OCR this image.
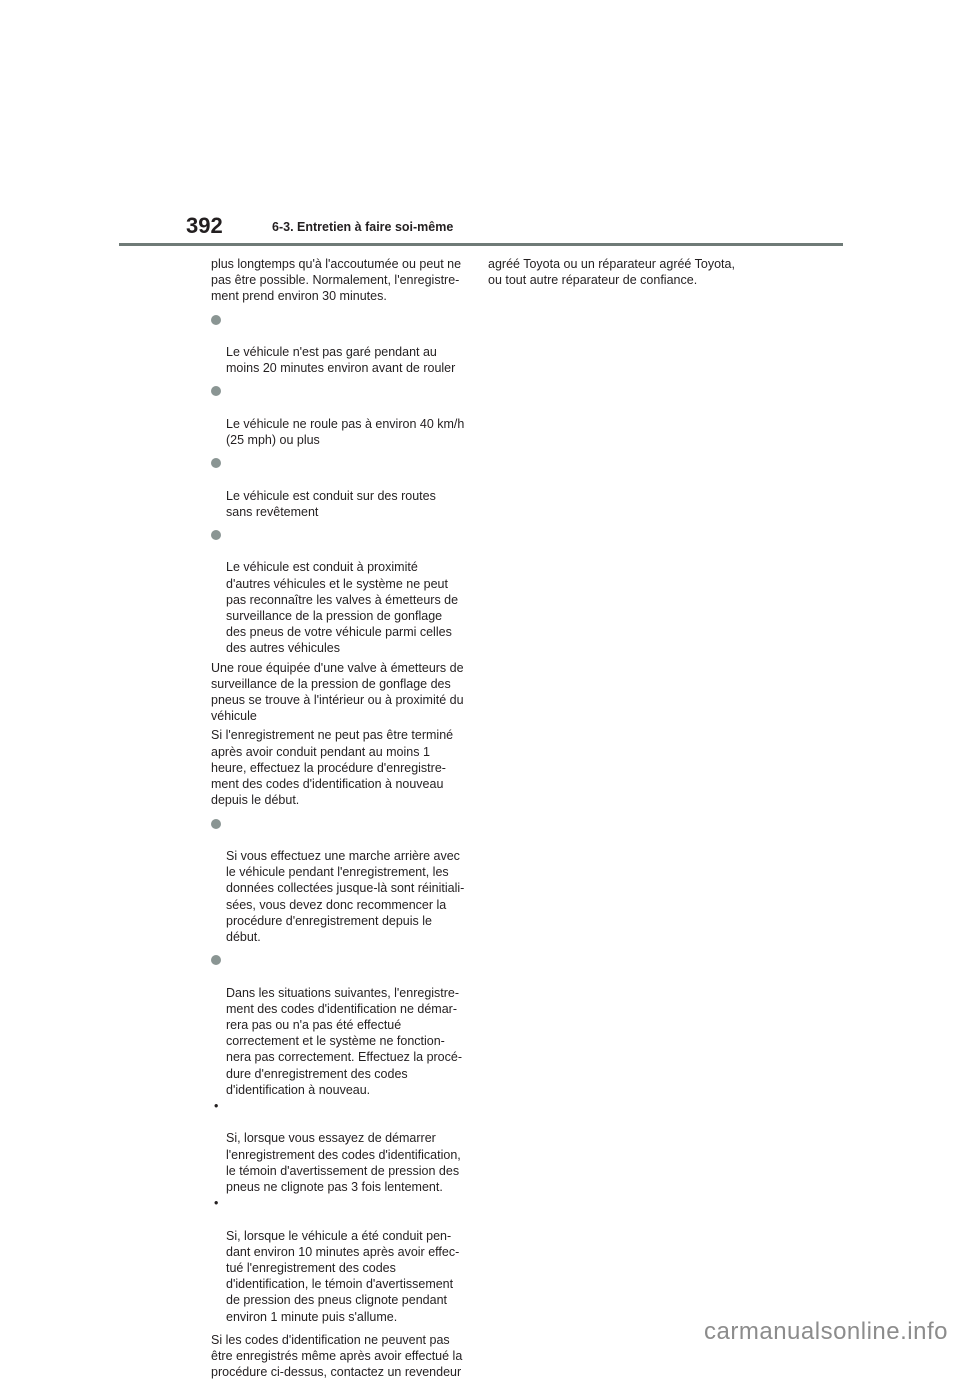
392	6-3. Entretien à faire soi-même

plus longtemps qu'à l'accoutumée ou peut ne
pas être possible. Normalement, l'enregistre-
ment prend environ 30 minutes.

Le véhicule n'est pas garé pendant au
moins 20 minutes environ avant de rouler

Le véhicule ne roule pas à environ 40 km/h
(25 mph) ou plus

Le véhicule est conduit sur des routes
sans revêtement

Le véhicule est conduit à proximité
d'autres véhicules et le système ne peut
pas reconnaître les valves à émetteurs de
surveillance de la pression de gonflage
des pneus de votre véhicule parmi celles
des autres véhicules

Une roue équipée d'une valve à émetteurs de
surveillance de la pression de gonflage des
pneus se trouve à l'intérieur ou à proximité du
véhicule

Si l'enregistrement ne peut pas être terminé
après avoir conduit pendant au moins 1
heure, effectuez la procédure d'enregistre-
ment des codes d'identification à nouveau
depuis le début.

Si vous effectuez une marche arrière avec
le véhicule pendant l'enregistrement, les
données collectées jusque-là sont réinitiali-
sées, vous devez donc recommencer la
procédure d'enregistrement depuis le
début.

Dans les situations suivantes, l'enregistre-
ment des codes d'identification ne démar-
rera pas ou n'a pas été effectué
correctement et le système ne fonction-
nera pas correctement. Effectuez la procé-
dure d'enregistrement des codes
d'identification à nouveau.

•

Si, lorsque vous essayez de démarrer
l'enregistrement des codes d'identification,
le témoin d'avertissement de pression des
pneus ne clignote pas 3 fois lentement.

•

Si, lorsque le véhicule a été conduit pen-
dant environ 10 minutes après avoir effec-
tué l'enregistrement des codes
d'identification, le témoin d'avertissement
de pression des pneus clignote pendant
environ 1 minute puis s'allume.

Si les codes d'identification ne peuvent pas
être enregistrés même après avoir effectué la
procédure ci-dessus, contactez un revendeur

agréé Toyota ou un réparateur agréé Toyota,
ou tout autre réparateur de confiance.

carmanualsonline.info
